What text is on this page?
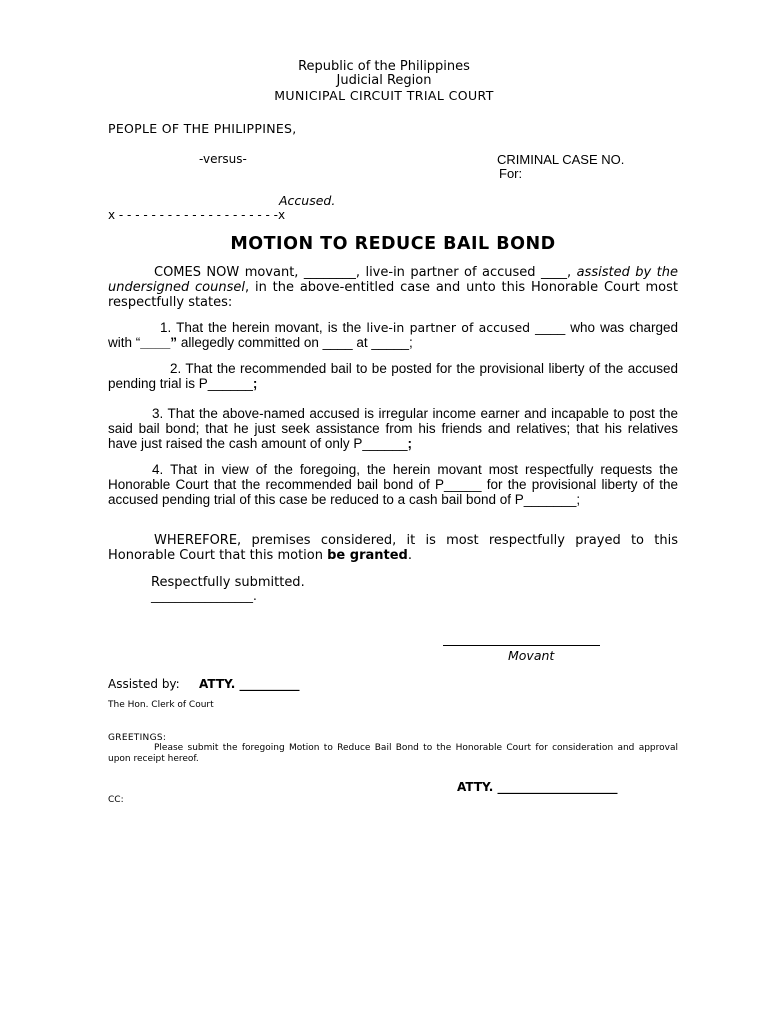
Republic of the Philippines
Judicial Region
MUNICIPAL CIRCUIT TRIAL COURT
PEOPLE OF THE PHILIPPINES,
-versus-	CRIMINAL CASE NO.
For:
Accused.
x - - - - - - - - - - - - - - - - - - - -x
MOTION TO REDUCE BAIL BOND
COMES NOW movant, ________, live-in partner of accused ____, assisted by the undersigned counsel, in the above-entitled case and unto this Honorable Court most respectfully states:
1. That the herein movant, is the live-in partner of accused ____ who was charged with “____” allegedly committed on ____ at _____;
2. That the recommended bail to be posted for the provisional liberty of the accused pending trial is P______;
3. That the above-named accused is irregular income earner and incapable to post the said bail bond; that he just seek assistance from his friends and relatives; that his relatives have just raised the cash amount of only P______;
4. That in view of the foregoing, the herein movant most respectfully requests the Honorable Court that the recommended bail bond of P_____ for the provisional liberty of the accused pending trial of this case be reduced to a cash bail bond of P_______;
WHEREFORE, premises considered, it is most respectfully prayed to this Honorable Court that this motion be granted.
Respectfully submitted.
_________________.
Movant
Assisted by: ATTY. __________
The Hon. Clerk of Court
GREETINGS:
Please submit the foregoing Motion to Reduce Bail Bond to the Honorable Court for consideration and approval upon receipt hereof.
ATTY. ____________________
CC:
